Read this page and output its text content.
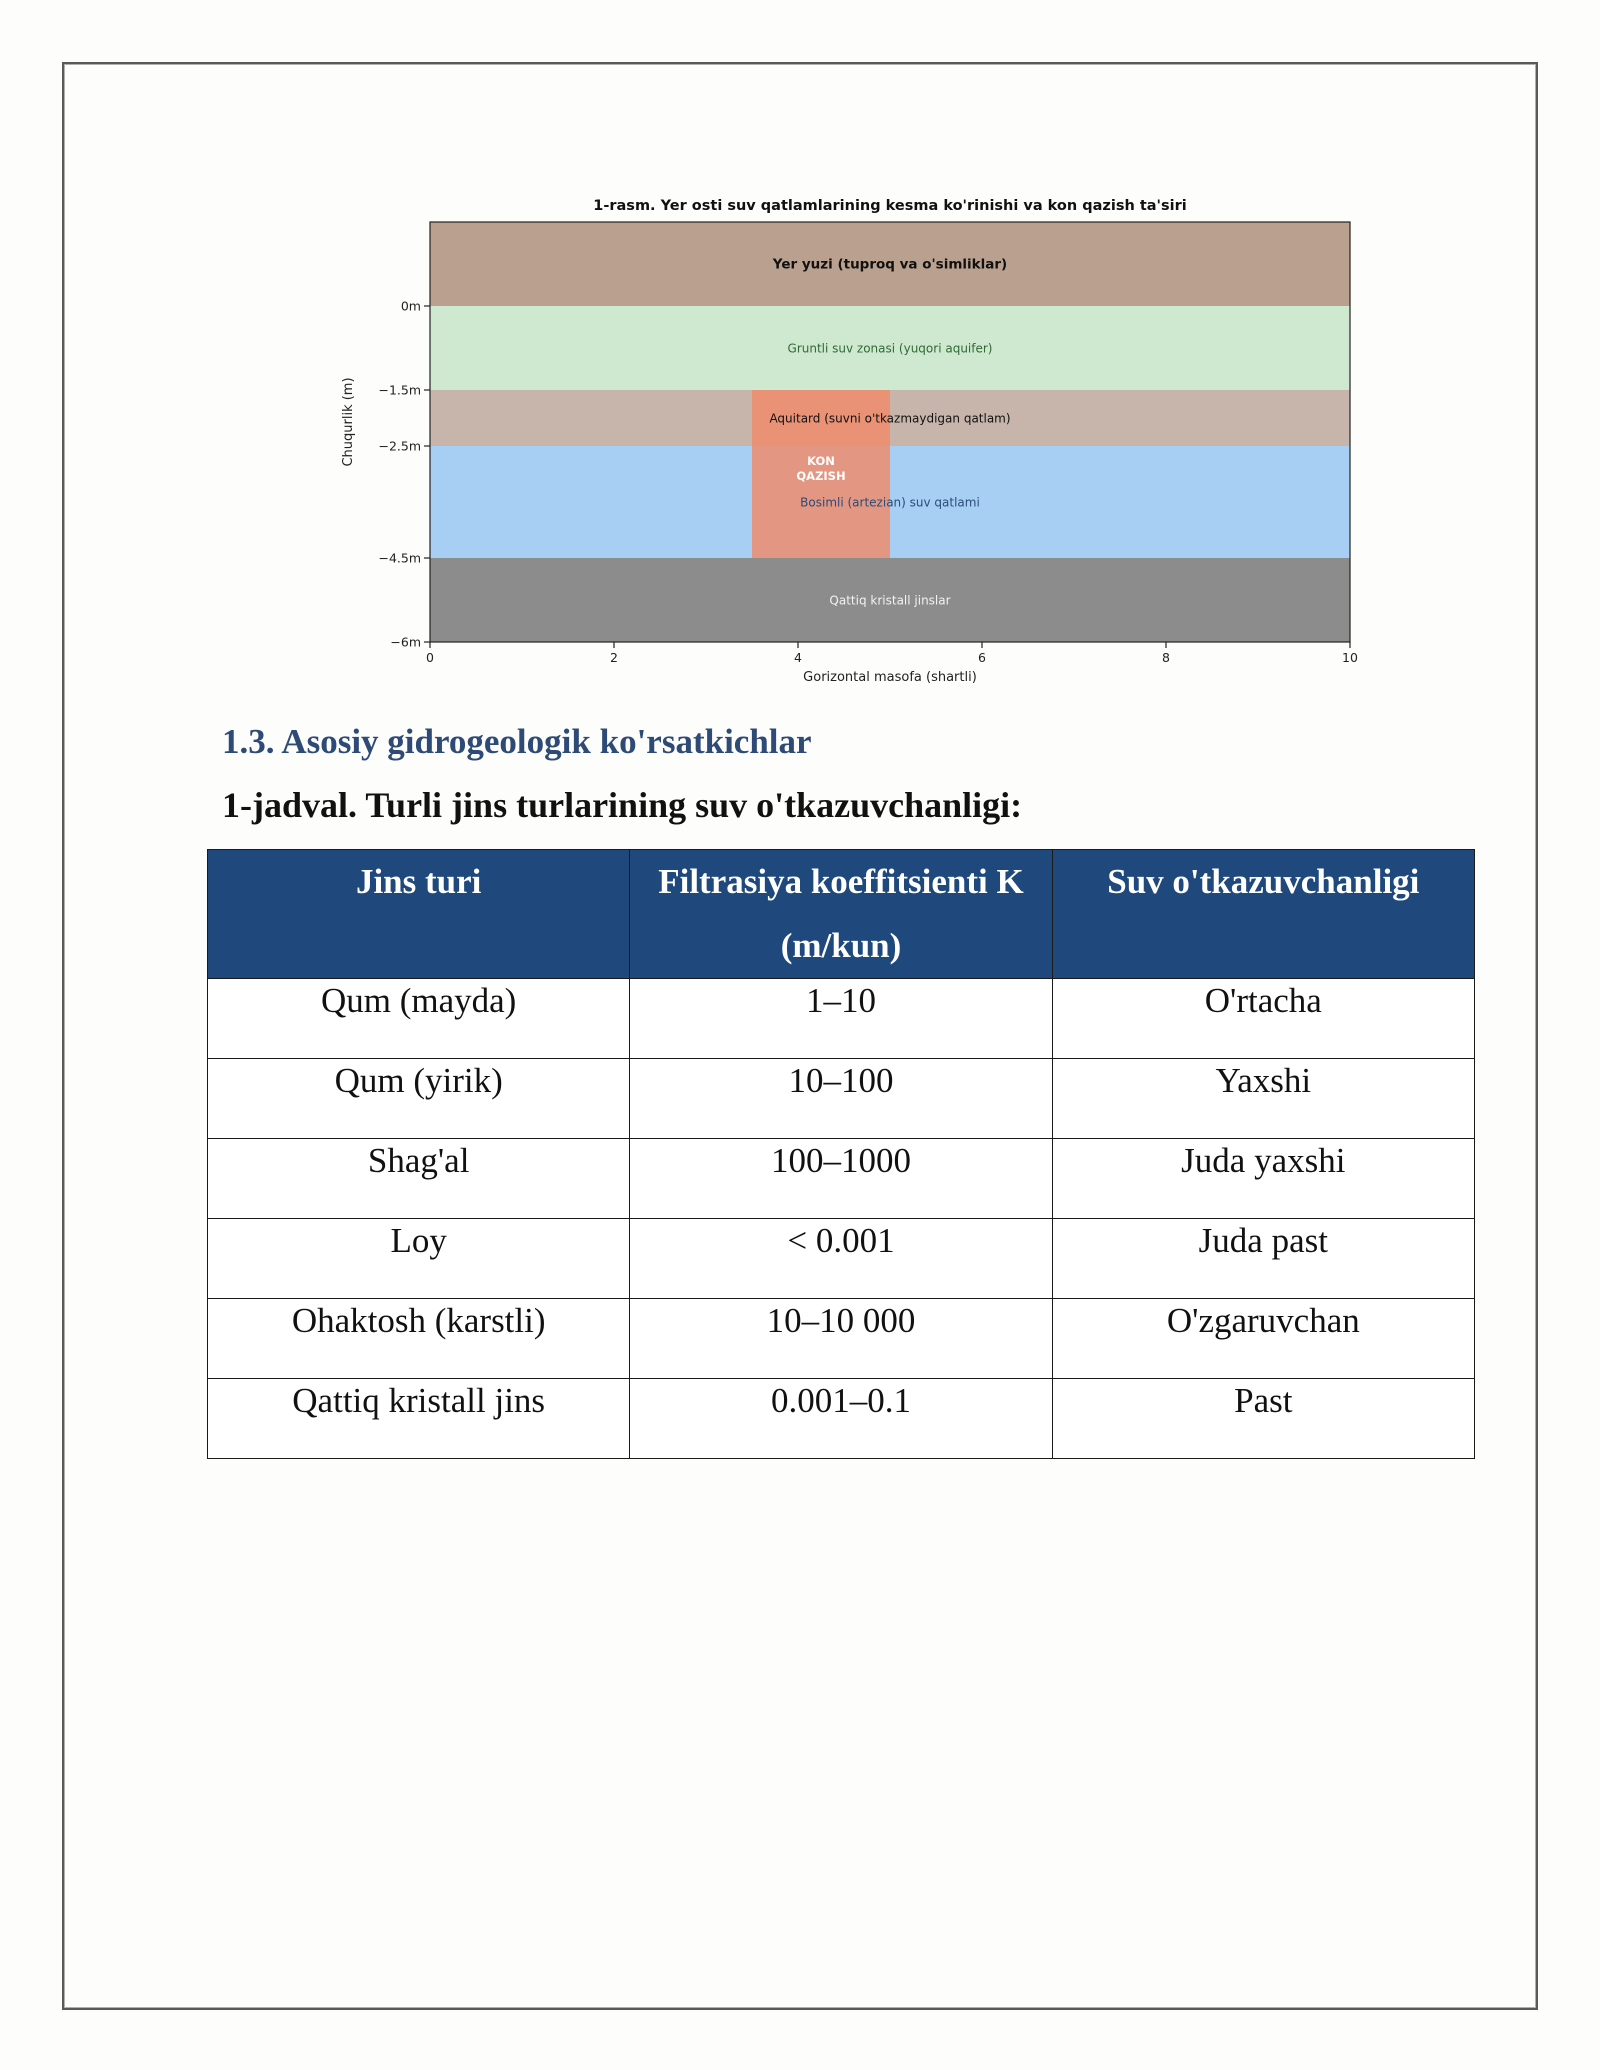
1-rasm. Yer osti suv qatlamlarining kesma ko'rinishi va kon qazish ta'siri
Yer yuzi (tuproq va o'simliklar)
Gruntli suv zonasi (yuqori aquifer)
Aquitard (suvni o'tkazmaydigan qatlam)
Bosimli (artezian) suv qatlami
Qattiq kristall jinslar
KON
QAZISH
0	2	4	6	8	10
0m
−1.5m
−2.5m
−4.5m
−6m
Gorizontal masofa (shartli)
Chuqurlik (m)
1.3. Asosiy gidrogeologik ko'rsatkichlar
1-jadval. Turli jins turlarining suv o'tkazuvchanligi:
Jins turi	Filtrasiya koeffitsienti K (m/kun)	Suv o'tkazuvchanligi
Qum (mayda)	1–10	O'rtacha
Qum (yirik)	10–100	Yaxshi
Shag'al	100–1000	Juda yaxshi
Loy	< 0.001	Juda past
Ohaktosh (karstli)	10–10 000	O'zgaruvchan
Qattiq kristall jins	0.001–0.1	Past
